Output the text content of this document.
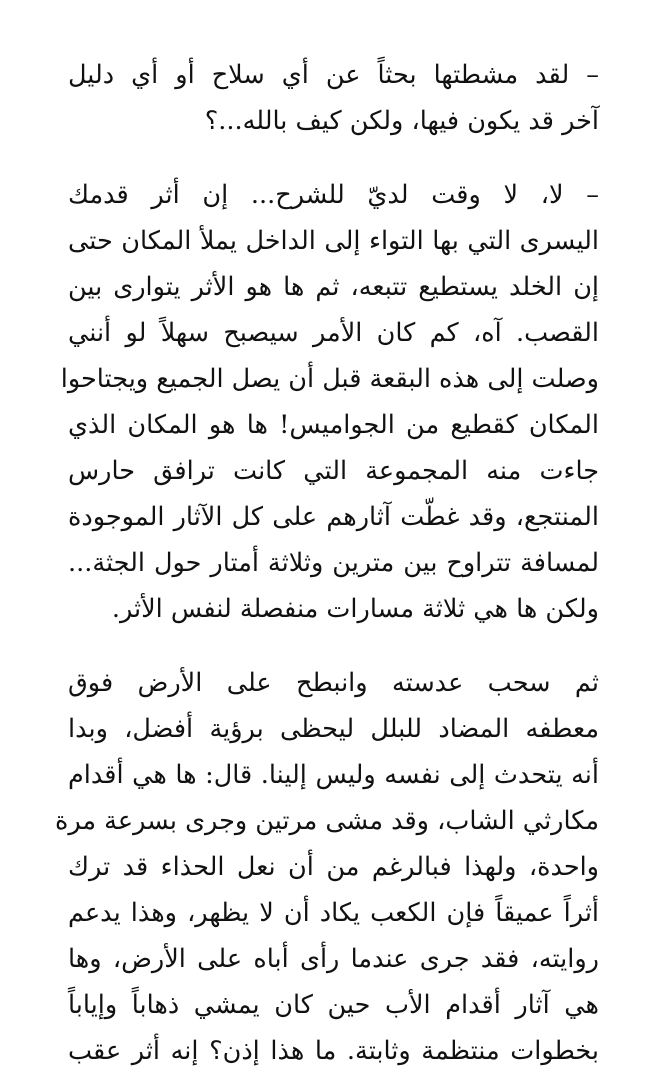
– لقد مشطتها بحثاً عن أي سلاح أو أي دليل
آخر قد يكون فيها، ولكن كيف بالله...؟
– لا، لا وقت لديّ للشرح... إن أثر قدمك
اليسرى التي بها التواء إلى الداخل يملأ المكان حتى
إن الخلد يستطيع تتبعه، ثم ها هو الأثر يتوارى بين
القصب. آه، كم كان الأمر سيصبح سهلاً لو أنني
وصلت إلى هذه البقعة قبل أن يصل الجميع ويجتاحوا
المكان كقطيع من الجواميس! ها هو المكان الذي
جاءت منه المجموعة التي كانت ترافق حارس
المنتجع، وقد غطّت آثارهم على كل الآثار الموجودة
لمسافة تتراوح بين مترين وثلاثة أمتار حول الجثة...
ولكن ها هي ثلاثة مسارات منفصلة لنفس الأثر.
ثم سحب عدسته وانبطح على الأرض فوق
معطفه المضاد للبلل ليحظى برؤية أفضل، وبدا
أنه يتحدث إلى نفسه وليس إلينا. قال: ها هي أقدام
مكارثي الشاب، وقد مشى مرتين وجرى بسرعة مرة
واحدة، ولهذا فبالرغم من أن نعل الحذاء قد ترك
أثراً عميقاً فإن الكعب يكاد أن لا يظهر، وهذا يدعم
روايته، فقد جرى عندما رأى أباه على الأرض، وها
هي آثار أقدام الأب حين كان يمشي ذهاباً وإياباً
بخطوات منتظمة وثابتة. ما هذا إذن؟ إنه أثر عقب
